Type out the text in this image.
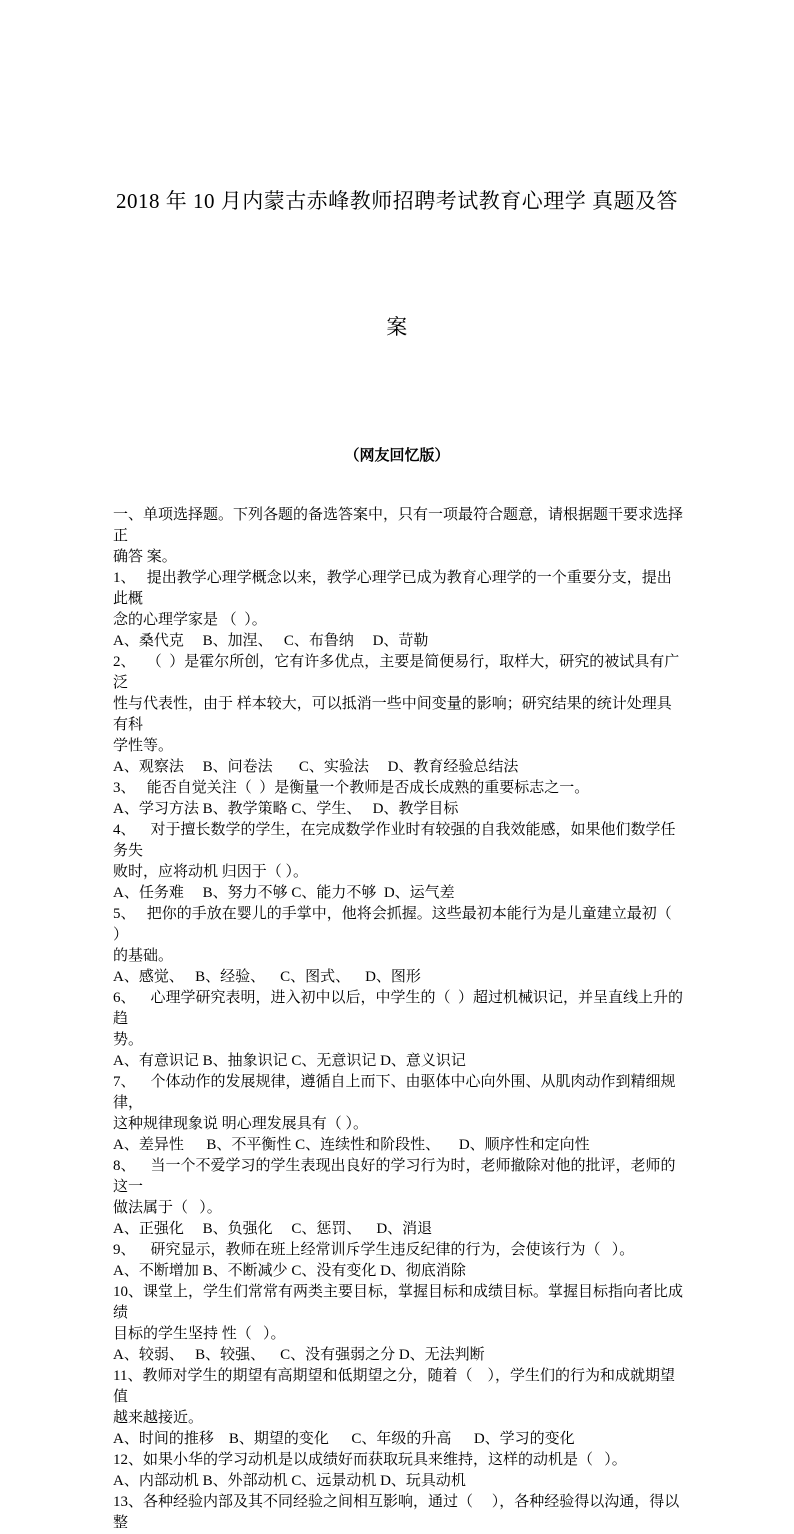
2018 年 10 月内蒙古赤峰教师招聘考试教育心理学 真题及答

案

（网友回忆版）
一、单项选择题。下列各题的备选答案中，只有一项最符合题意，请根据题干要求选择正
确答 案。
1、   提出教学心理学概念以来，教学心理学已成为教育心理学的一个重要分支，提出此概
念的心理学家是 （  ）。
A、桑代克     B、加涅、   C、布鲁纳     D、苛勒
2、   （  ）是霍尔所创，它有许多优点，主要是简便易行，取样大，研究的被试具有广泛
性与代表性，由于 样本较大，可以抵消一些中间变量的影响；研究结果的统计处理具有科
学性等。
A、观察法     B、问卷法       C、实验法     D、教育经验总结法
3、   能否自觉关注（  ）是衡量一个教师是否成长成熟的重要标志之一。
A、学习方法 B、教学策略 C、学生、   D、教学目标
4、    对于擅长数学的学生，在完成数学作业时有较强的自我效能感，如果他们数学任务失
败时，应将动机 归因于（ ）。
A、任务难     B、努力不够 C、能力不够  D、运气差
5、   把你的手放在婴儿的手掌中，他将会抓握。这些最初本能行为是儿童建立最初（   ）
的基础。
A、感觉、   B、经验、    C、图式、    D、图形
6、    心理学研究表明，进入初中以后，中学生的（  ）超过机械识记，并呈直线上升的趋
势。
A、有意识记 B、抽象识记 C、无意识记 D、意义识记
7、    个体动作的发展规律，遵循自上而下、由驱体中心向外围、从肌肉动作到精细规律，
这种规律现象说 明心理发展具有（ ）。
A、差异性      B、不平衡性 C、连续性和阶段性、     D、顺序性和定向性
8、    当一个不爱学习的学生表现出良好的学习行为时，老师撤除对他的批评，老师的这一
做法属于（   ）。
A、正强化     B、负强化     C、惩罚、    D、消退
9、    研究显示，教师在班上经常训斥学生违反纪律的行为，会使该行为（   ）。
A、不断增加 B、不断减少 C、没有变化 D、彻底消除
10、课堂上，学生们常常有两类主要目标，掌握目标和成绩目标。掌握目标指向者比成绩
目标的学生坚持 性（   ）。
A、较弱、   B、较强、    C、没有强弱之分 D、无法判断
11、教师对学生的期望有高期望和低期望之分，随着（    ），学生们的行为和成就期望值
越来越接近。
A、时间的推移    B、期望的变化      C、年级的升高      D、学习的变化
12、如果小华的学习动机是以成绩好而获取玩具来维持，这样的动机是（   ）。
A、内部动机 B、外部动机 C、远景动机 D、玩具动机
13、各种经验内部及其不同经验之间相互影响，通过（     ），各种经验得以沟通，得以整
